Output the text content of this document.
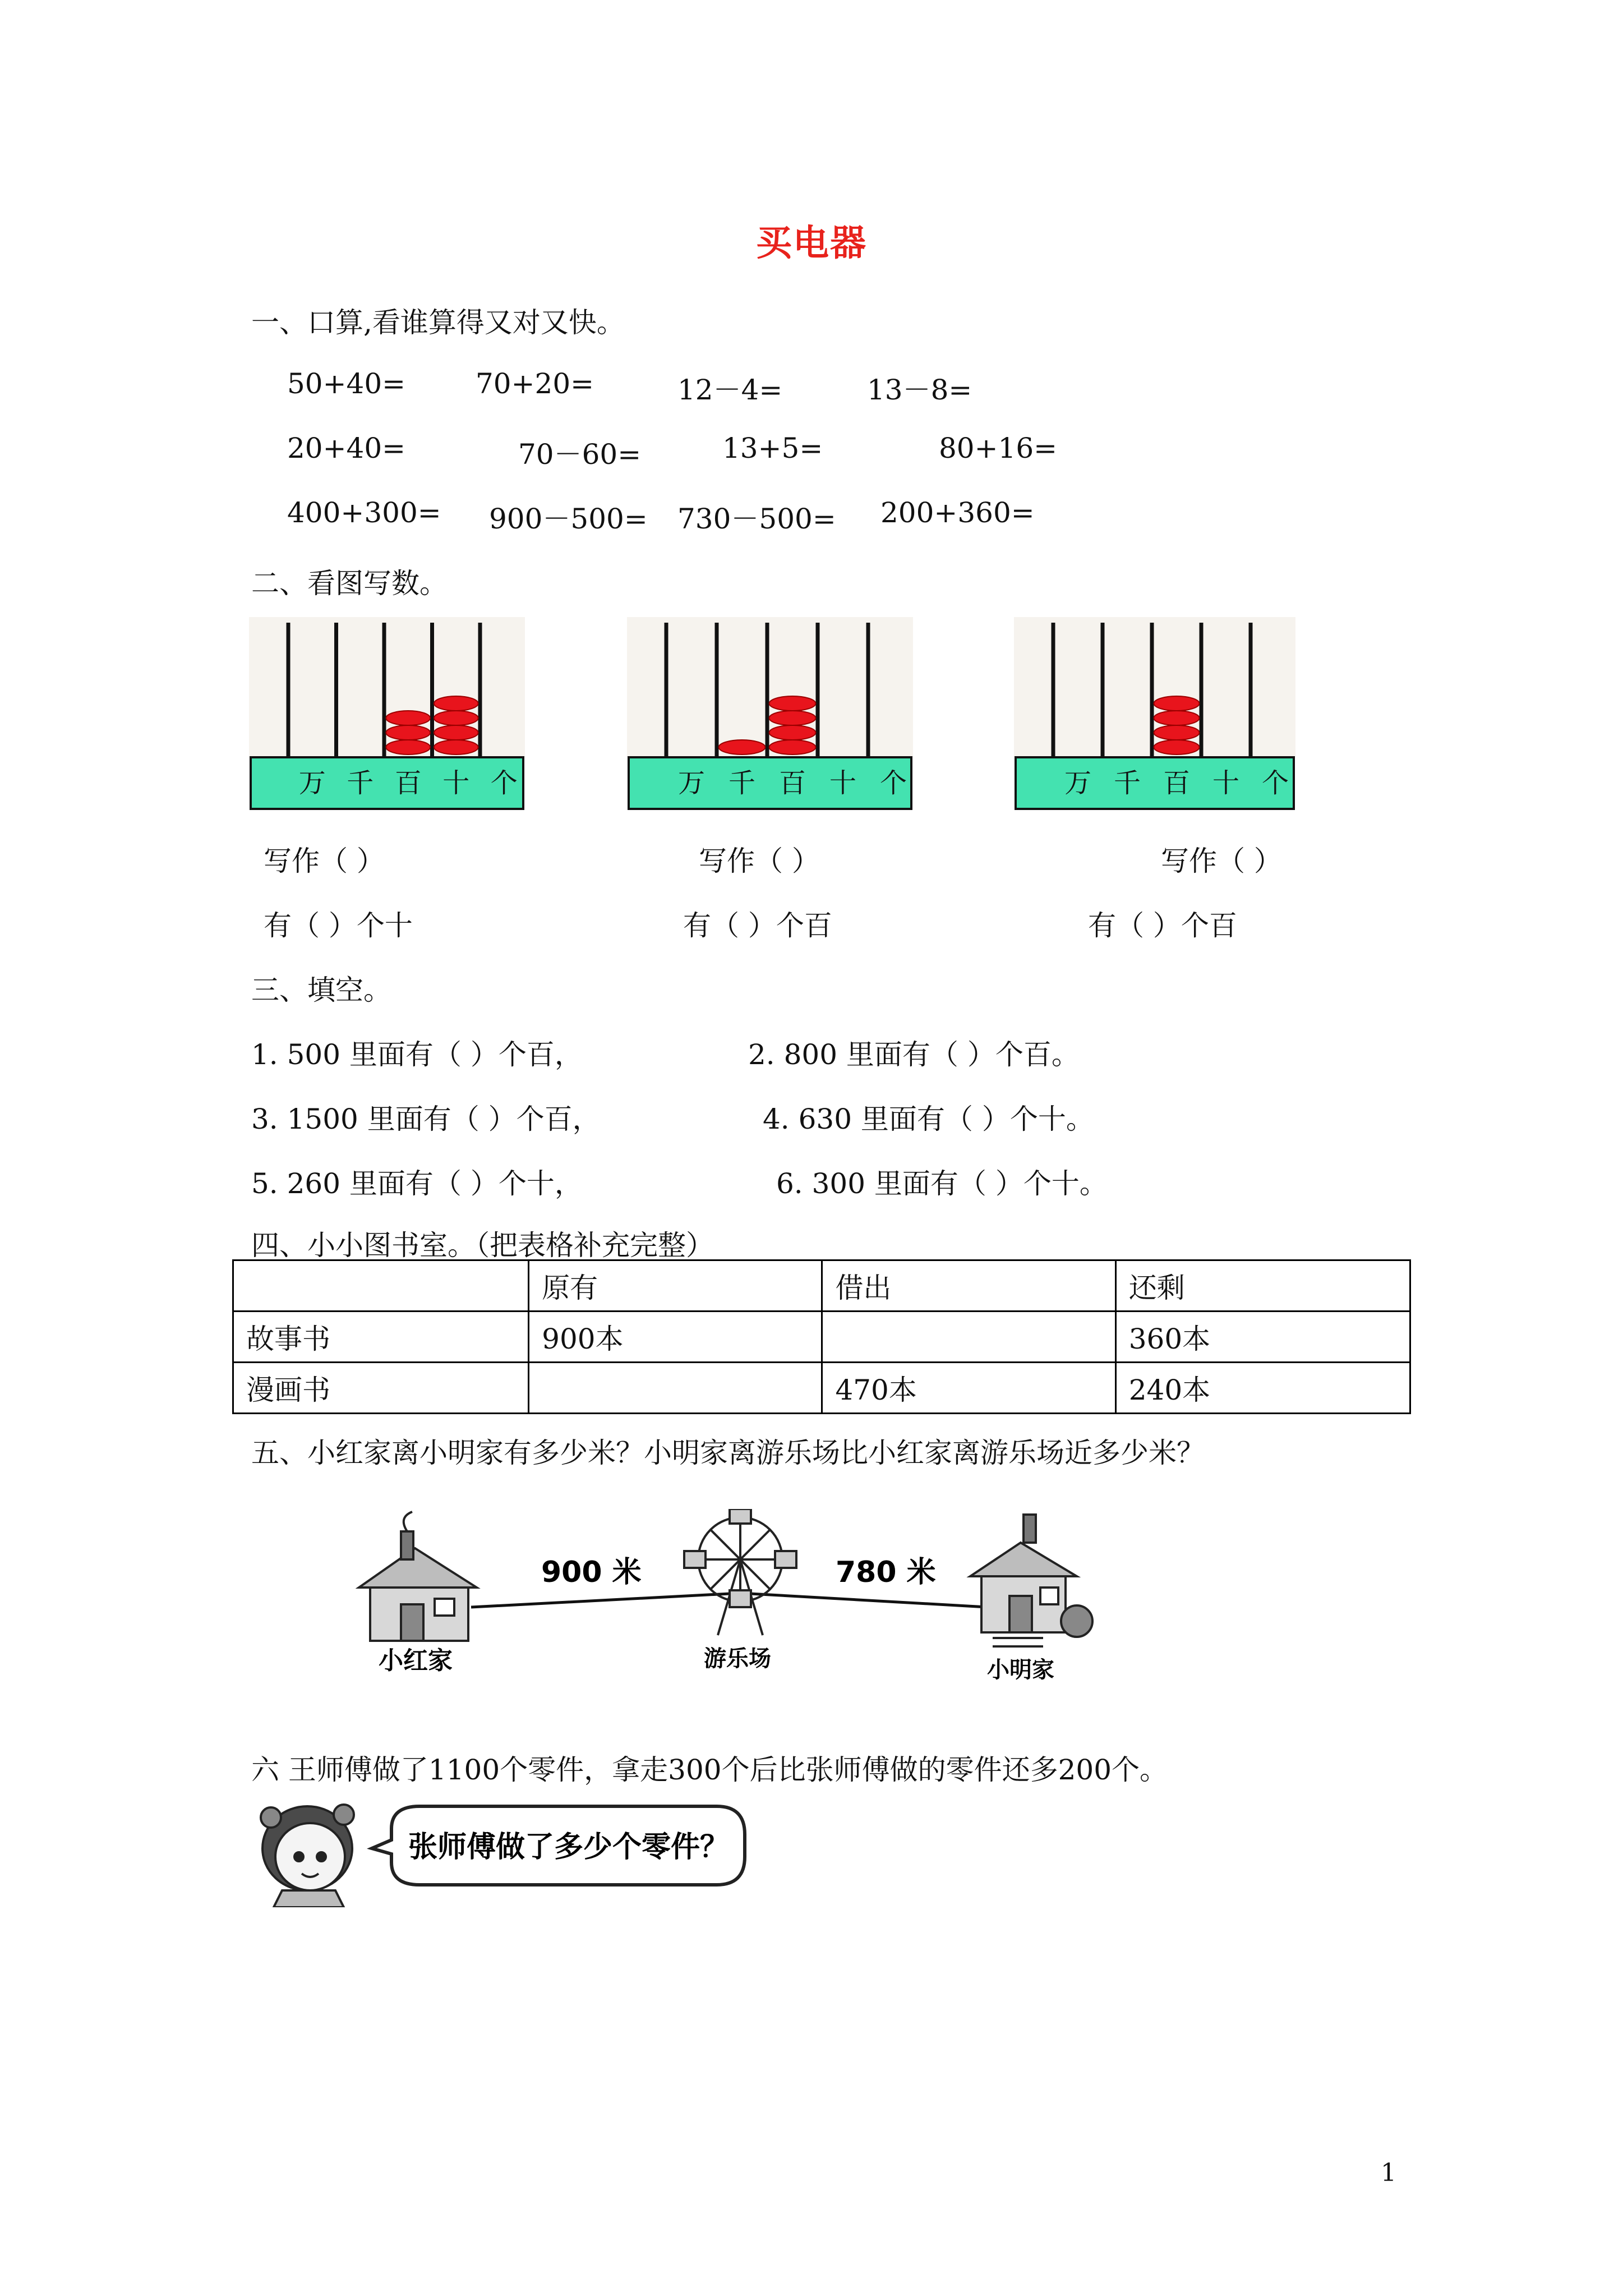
买电器
一、口算,看谁算得又对又快。
50+40= 70+20=	12－4=	13－8=
20+40=	70－60=	13+5=	80+16=
400+300= 900－500= 730－500= 200+360=
二、看图写数。
万 千 百 十 个	万 千 百 十 个	万 千 百 十 个
写作（ ）	写作（ ）	写作（ ）
有（ ）个十	有（ ）个百	有（ ）个百
三、填空。
1. 500 里面有（ ）个百，	2. 800 里面有（ ）个百。
3. 1500 里面有（ ）个百，	4. 630 里面有（ ）个十。
5. 260 里面有（ ）个十，	6. 300 里面有（ ）个十。
四、小小图书室。（把表格补充完整）
	原有	借出	还剩
故事书	900本		360本
漫画书		470本	240本
五、小红家离小明家有多少米？小明家离游乐场比小红家离游乐场近多少米？
小红家	游乐场	小明家
900 米	780 米
六 王师傅做了1100个零件，拿走300个后比张师傅做的零件还多200个。
张师傅做了多少个零件？
1
